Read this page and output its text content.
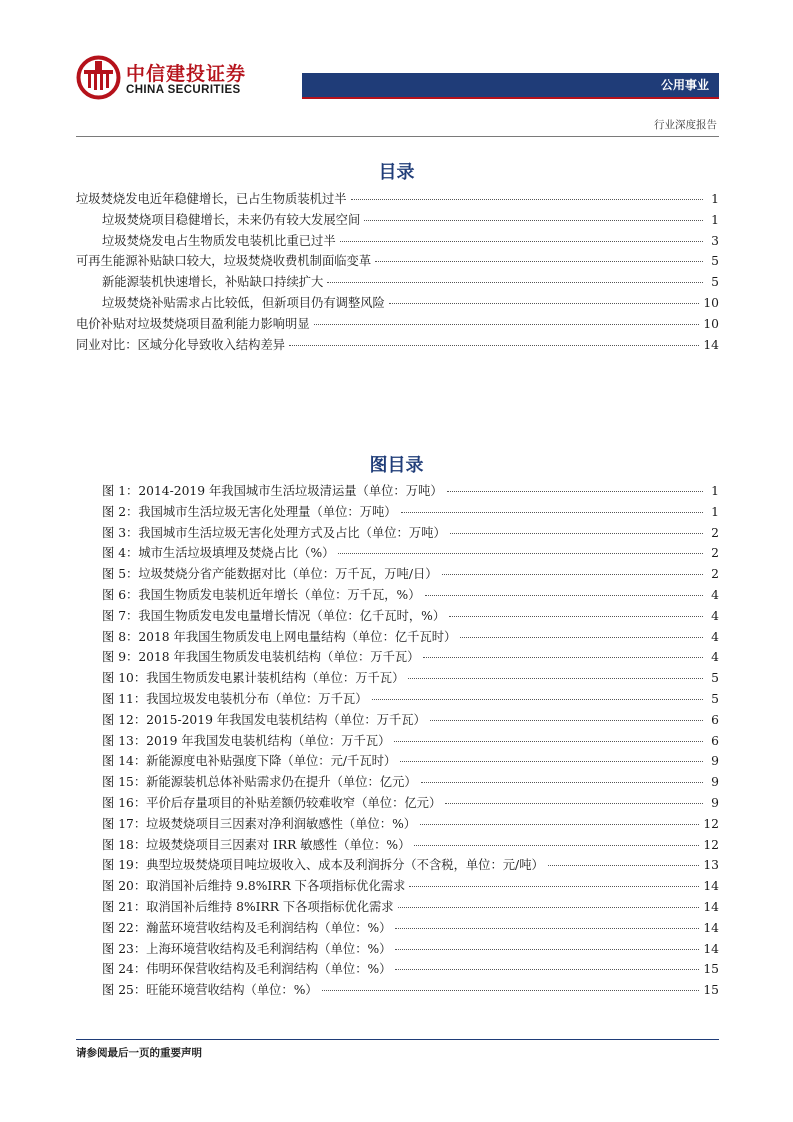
中信建投证券
CHINA SECURITIES	公用事业
行业深度报告
目录
垃圾焚烧发电近年稳健增长，已占生物质装机过半	1
垃圾焚烧项目稳健增长，未来仍有较大发展空间	1
垃圾焚烧发电占生物质发电装机比重已过半	3
可再生能源补贴缺口较大，垃圾焚烧收费机制面临变革	5
新能源装机快速增长，补贴缺口持续扩大	5
垃圾焚烧补贴需求占比较低，但新项目仍有调整风险	10
电价补贴对垃圾焚烧项目盈利能力影响明显	10
同业对比：区域分化导致收入结构差异	14
图目录
图 1：2014-2019 年我国城市生活垃圾清运量（单位：万吨）	1
图 2：我国城市生活垃圾无害化处理量（单位：万吨）	1
图 3：我国城市生活垃圾无害化处理方式及占比（单位：万吨）	2
图 4：城市生活垃圾填埋及焚烧占比（%）	2
图 5：垃圾焚烧分省产能数据对比（单位：万千瓦，万吨/日）	2
图 6：我国生物质发电装机近年增长（单位：万千瓦，%）	4
图 7：我国生物质发电发电量增长情况（单位：亿千瓦时，%）	4
图 8：2018 年我国生物质发电上网电量结构（单位：亿千瓦时）	4
图 9：2018 年我国生物质发电装机结构（单位：万千瓦）	4
图 10：我国生物质发电累计装机结构（单位：万千瓦）	5
图 11：我国垃圾发电装机分布（单位：万千瓦）	5
图 12：2015-2019 年我国发电装机结构（单位：万千瓦）	6
图 13：2019 年我国发电装机结构（单位：万千瓦）	6
图 14：新能源度电补贴强度下降（单位：元/千瓦时）	9
图 15：新能源装机总体补贴需求仍在提升（单位：亿元）	9
图 16：平价后存量项目的补贴差额仍较难收窄（单位：亿元）	9
图 17：垃圾焚烧项目三因素对净利润敏感性（单位：%）	12
图 18：垃圾焚烧项目三因素对 IRR 敏感性（单位：%）	12
图 19：典型垃圾焚烧项目吨垃圾收入、成本及利润拆分（不含税，单位：元/吨）	13
图 20：取消国补后维持 9.8%IRR 下各项指标优化需求	14
图 21：取消国补后维持 8%IRR 下各项指标优化需求	14
图 22：瀚蓝环境营收结构及毛利润结构（单位：%）	14
图 23：上海环境营收结构及毛利润结构（单位：%）	14
图 24：伟明环保营收结构及毛利润结构（单位：%）	15
图 25：旺能环境营收结构（单位：%）	15
请参阅最后一页的重要声明
